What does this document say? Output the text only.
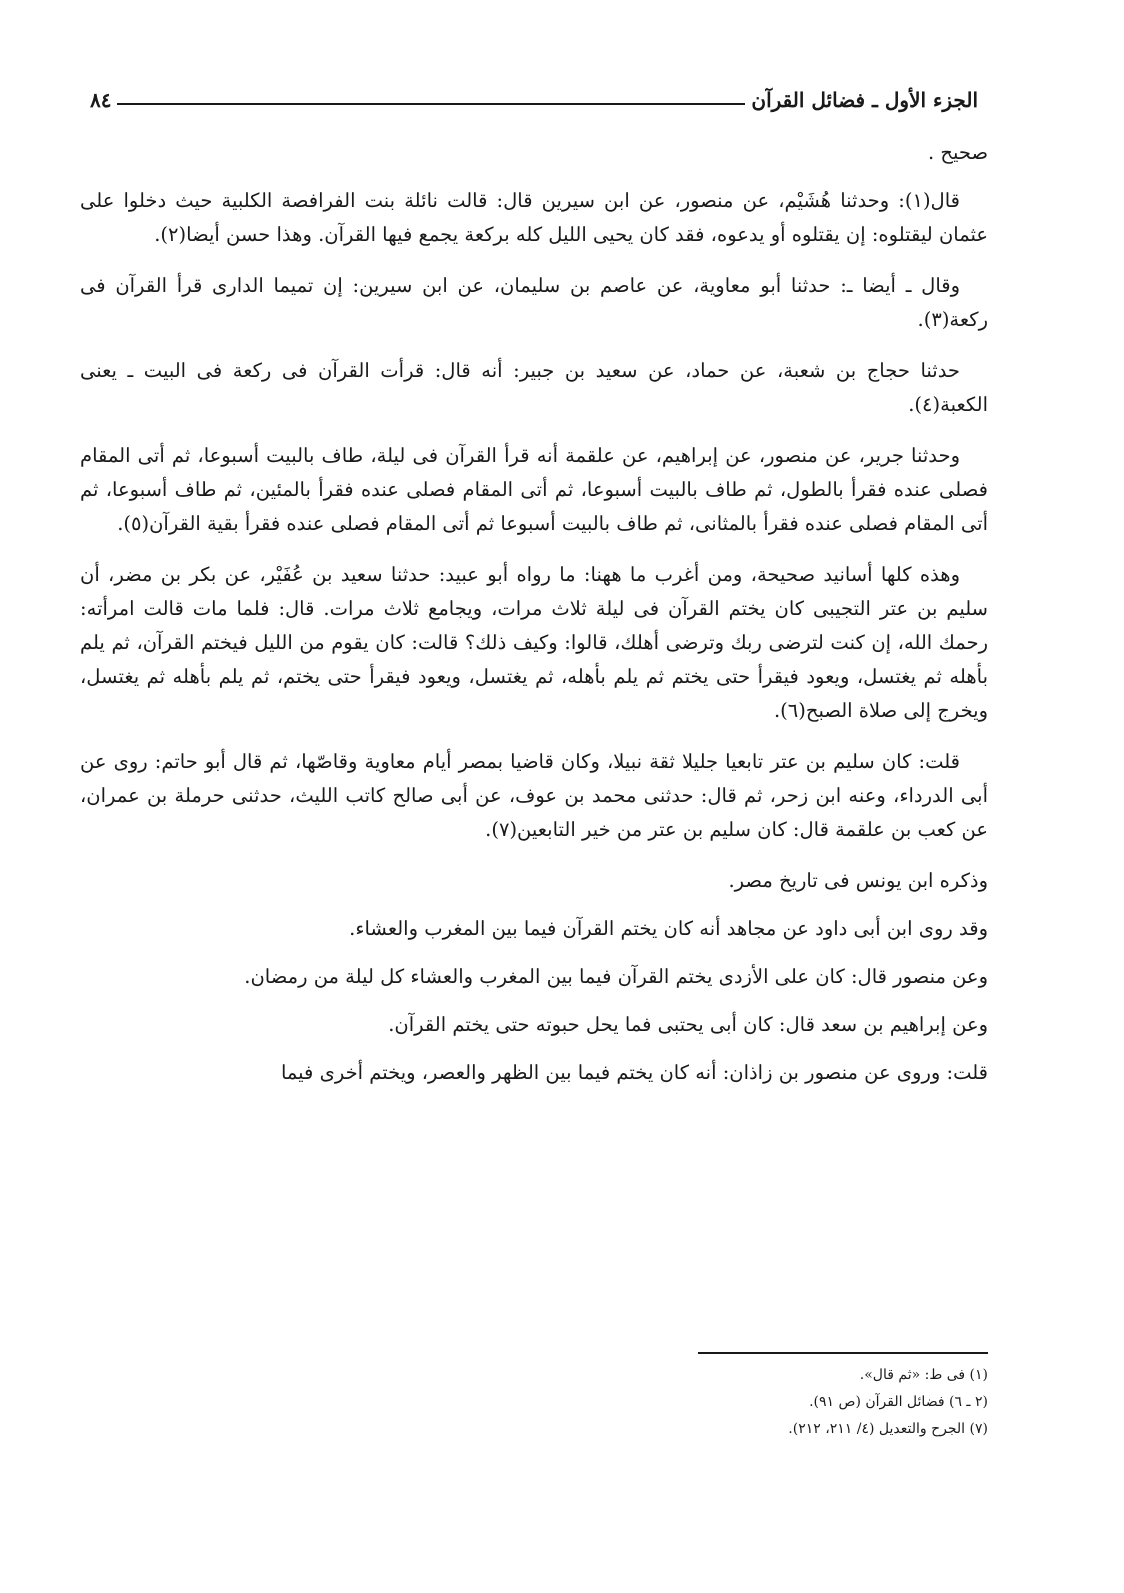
الجزء الأول ـ فضائل القرآن
٨٤

صحيح .

قال(١): وحدثنا هُشَيْم، عن منصور، عن ابن سيرين قال: قالت نائلة بنت الفرافصة الكلبية حيث دخلوا على عثمان ليقتلوه: إن يقتلوه أو يدعوه، فقد كان يحيى الليل كله بركعة يجمع فيها القرآن. وهذا حسن أيضا(٢).

وقال ـ أيضا ـ: حدثنا أبو معاوية، عن عاصم بن سليمان، عن ابن سيرين: إن تميما الدارى قرأ القرآن فى ركعة(٣).

حدثنا حجاج بن شعبة، عن حماد، عن سعيد بن جبير: أنه قال: قرأت القرآن فى ركعة فى البيت ـ يعنى الكعبة(٤).

وحدثنا جرير، عن منصور، عن إبراهيم، عن علقمة أنه قرأ القرآن فى ليلة، طاف بالبيت أسبوعا، ثم أتى المقام فصلى عنده فقرأ بالطول، ثم طاف بالبيت أسبوعا، ثم أتى المقام فصلى عنده فقرأ بالمئين، ثم طاف أسبوعا، ثم أتى المقام فصلى عنده فقرأ بالمثانى، ثم طاف بالبيت أسبوعا ثم أتى المقام فصلى عنده فقرأ بقية القرآن(٥).

وهذه كلها أسانيد صحيحة، ومن أغرب ما ههنا: ما رواه أبو عبيد: حدثنا سعيد بن عُفَيْر، عن بكر بن مضر، أن سليم بن عتر التجيبى كان يختم القرآن فى ليلة ثلاث مرات، ويجامع ثلاث مرات. قال: فلما مات قالت امرأته: رحمك الله، إن كنت لترضى ربك وترضى أهلك، قالوا: وكيف ذلك؟ قالت: كان يقوم من الليل فيختم القرآن، ثم يلم بأهله ثم يغتسل، ويعود فيقرأ حتى يختم ثم يلم بأهله، ثم يغتسل، ويعود فيقرأ حتى يختم، ثم يلم بأهله ثم يغتسل، ويخرج إلى صلاة الصبح(٦).

قلت: كان سليم بن عتر تابعيا جليلا ثقة نبيلا، وكان قاضيا بمصر أيام معاوية وقاصّها، ثم قال أبو حاتم: روى عن أبى الدرداء، وعنه ابن زحر، ثم قال: حدثنى محمد بن عوف، عن أبى صالح كاتب الليث، حدثنى حرملة بن عمران، عن كعب بن علقمة قال: كان سليم بن عتر من خير التابعين(٧).

وذكره ابن يونس فى تاريخ مصر.

وقد روى ابن أبى داود عن مجاهد أنه كان يختم القرآن فيما بين المغرب والعشاء.

وعن منصور قال: كان على الأزدى يختم القرآن فيما بين المغرب والعشاء كل ليلة من رمضان.

وعن إبراهيم بن سعد قال: كان أبى يحتبى فما يحل حبوته حتى يختم القرآن.

قلت: وروى عن منصور بن زاذان: أنه كان يختم فيما بين الظهر والعصر، ويختم أخرى فيما

(١) فى ط: «ثم قال».
(٢ ـ ٦) فضائل القرآن (ص ٩١).
(٧) الجرح والتعديل (٤/ ٢١١، ٢١٢).
